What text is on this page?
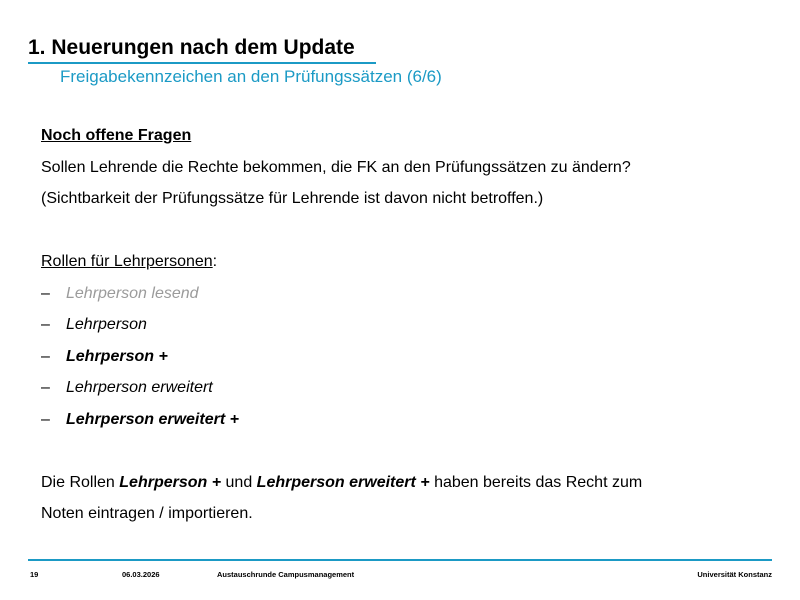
1. Neuerungen nach dem Update
Freigabekennzeichen an den Prüfungssätzen (6/6)
Noch offene Fragen
Sollen Lehrende die Rechte bekommen, die FK an den Prüfungssätzen zu ändern?
(Sichtbarkeit der Prüfungssätze für Lehrende ist davon nicht betroffen.)
Rollen für Lehrpersonen:
– Lehrperson lesend
– Lehrperson
– Lehrperson +
– Lehrperson erweitert
– Lehrperson erweitert +
Die Rollen Lehrperson + und Lehrperson erweitert + haben bereits das Recht zum
Noten eintragen / importieren.
19	06.03.2026	Austauschrunde Campusmanagement	Universität Konstanz
